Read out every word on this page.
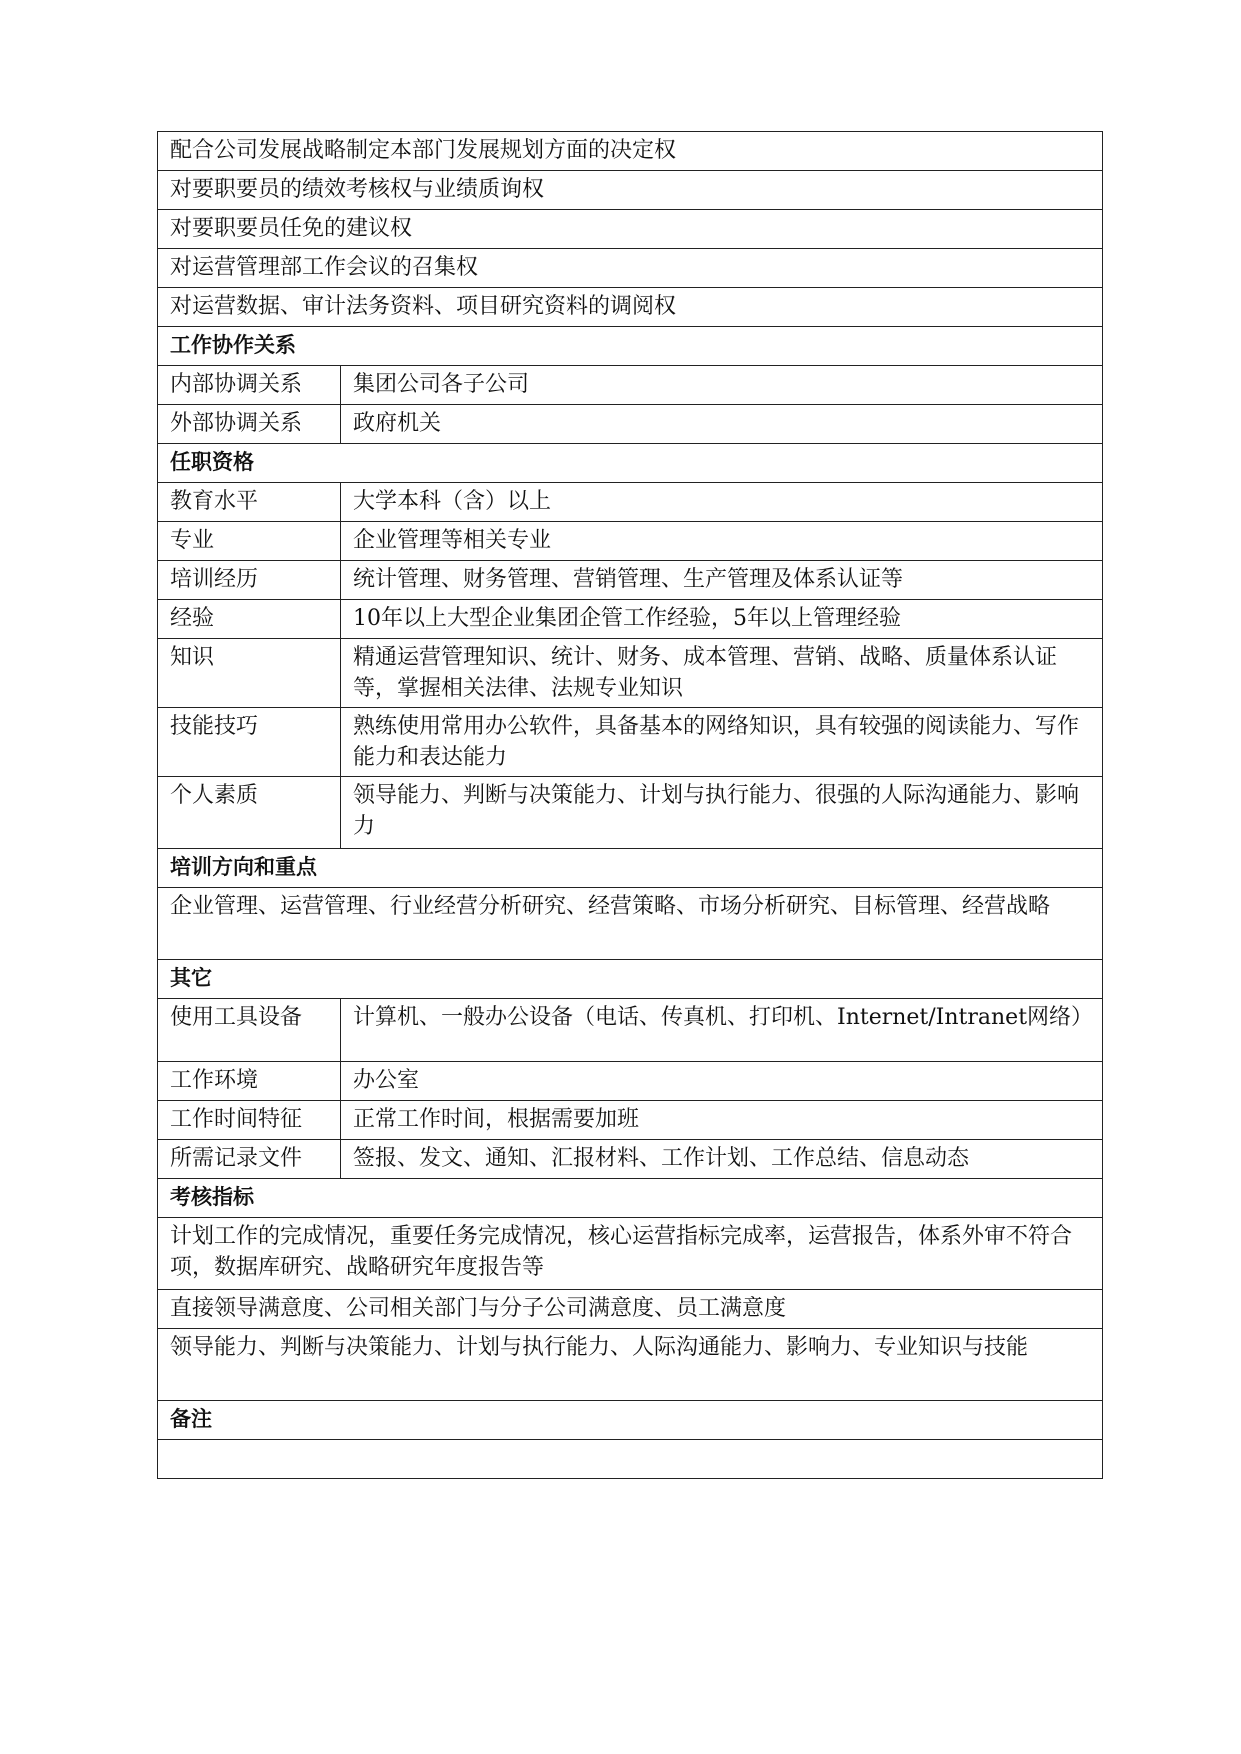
配合公司发展战略制定本部门发展规划方面的决定权	
对要职要员的绩效考核权与业绩质询权	
对要职要员任免的建议权	
对运营管理部工作会议的召集权	
对运营数据、审计法务资料、项目研究资料的调阅权	
工作协作关系	
内部协调关系	集团公司各子公司
外部协调关系	政府机关
任职资格	
教育水平	大学本科（含）以上
专业	企业管理等相关专业
培训经历	统计管理、财务管理、营销管理、生产管理及体系认证等
经验	10年以上大型企业集团企管工作经验，5年以上管理经验
知识	精通运营管理知识、统计、财务、成本管理、营销、战略、质量体系认证等，掌握相关法律、法规专业知识
技能技巧	熟练使用常用办公软件，具备基本的网络知识，具有较强的阅读能力、写作能力和表达能力
个人素质	领导能力、判断与决策能力、计划与执行能力、很强的人际沟通能力、影响力
培训方向和重点	
企业管理、运营管理、行业经营分析研究、经营策略、市场分析研究、目标管理、经营战略	
其它	
使用工具设备	计算机、一般办公设备（电话、传真机、打印机、Internet/Intranet网络）
工作环境	办公室
工作时间特征	正常工作时间，根据需要加班
所需记录文件	签报、发文、通知、汇报材料、工作计划、工作总结、信息动态
考核指标	
计划工作的完成情况，重要任务完成情况，核心运营指标完成率，运营报告，体系外审不符合项，数据库研究、战略研究年度报告等	
直接领导满意度、公司相关部门与分子公司满意度、员工满意度	
领导能力、判断与决策能力、计划与执行能力、人际沟通能力、影响力、专业知识与技能	
备注	
